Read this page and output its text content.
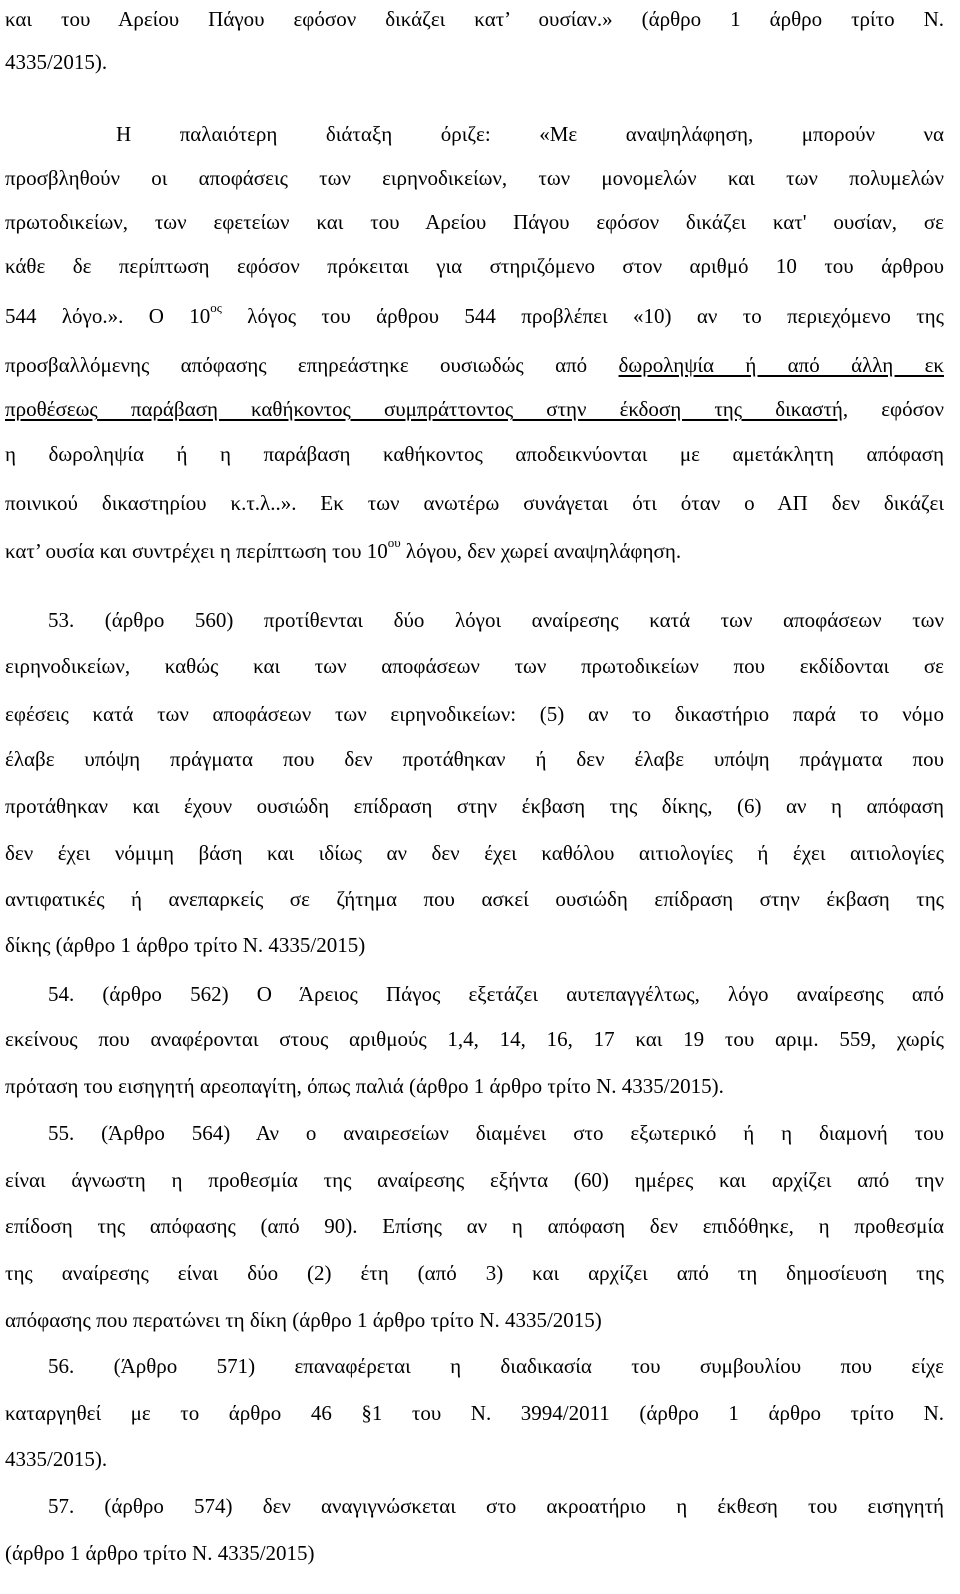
και του Αρείου Πάγου εφόσον δικάζει κατ’ ουσίαν.» (άρθρο 1 άρθρο τρίτο Ν.
4335/2015).
Η παλαιότερη διάταξη όριζε: «Με αναψηλάφηση, μπορούν να
προσβληθούν οι αποφάσεις των ειρηνοδικείων, των μονομελών και των πολυμελών
πρωτοδικείων, των εφετείων και του Αρείου Πάγου εφόσον δικάζει κατ' ουσίαν, σε
κάθε δε περίπτωση εφόσον πρόκειται για στηριζόμενο στον αριθμό 10 του άρθρου
544 λόγο.». Ο $10^{o\varsigma}$ λόγος του άρθρου 544 προβλέπει «10) αν το περιεχόμενο της
προσβαλλόμενης απόφασης επηρεάστηκε ουσιωδώς από δωροληψία ή από άλλη εκ
προθέσεως παράβαση καθήκοντος συμπράττοντος στην έκδοση της δικαστή, εφόσον
η δωροληψία ή η παράβαση καθήκοντος αποδεικνύονται με αμετάκλητη απόφαση
ποινικού δικαστηρίου κ.τ.λ..». Εκ των ανωτέρω συνάγεται ότι όταν ο ΑΠ δεν δικάζει
κατ’ ουσία και συντρέχει η περίπτωση του $10^{o\upsilon}$ λόγου, δεν χωρεί αναψηλάφηση.
53. (άρθρο 560) προτίθενται δύο λόγοι αναίρεσης κατά των αποφάσεων των
ειρηνοδικείων, καθώς και των αποφάσεων των πρωτοδικείων που εκδίδονται σε
εφέσεις κατά των αποφάσεων των ειρηνοδικείων: (5) αν το δικαστήριο παρά το νόμο
έλαβε υπόψη πράγματα που δεν προτάθηκαν ή δεν έλαβε υπόψη πράγματα που
προτάθηκαν και έχουν ουσιώδη επίδραση στην έκβαση της δίκης, (6) αν η απόφαση
δεν έχει νόμιμη βάση και ιδίως αν δεν έχει καθόλου αιτιολογίες ή έχει αιτιολογίες
αντιφατικές ή ανεπαρκείς σε ζήτημα που ασκεί ουσιώδη επίδραση στην έκβαση της
δίκης (άρθρο 1 άρθρο τρίτο Ν. 4335/2015)
54. (άρθρο 562) Ο Άρειος Πάγος εξετάζει αυτεπαγγέλτως, λόγο αναίρεσης από
εκείνους που αναφέρονται στους αριθμούς 1,4, 14, 16, 17 και 19 του αριμ. 559, χωρίς
πρόταση του εισηγητή αρεοπαγίτη, όπως παλιά (άρθρο 1 άρθρο τρίτο Ν. 4335/2015).
55. (Άρθρο 564) Αν ο αναιρεσείων διαμένει στο εξωτερικό ή η διαμονή του
είναι άγνωστη η προθεσμία της αναίρεσης εξήντα (60) ημέρες και αρχίζει από την
επίδοση της απόφασης (από 90). Επίσης αν η απόφαση δεν επιδόθηκε, η προθεσμία
της αναίρεσης είναι δύο (2) έτη (από 3) και αρχίζει από τη δημοσίευση της
απόφασης που περατώνει τη δίκη (άρθρο 1 άρθρο τρίτο Ν. 4335/2015)
56. (Άρθρο 571) επαναφέρεται η διαδικασία του συμβουλίου που είχε
καταργηθεί με το άρθρο 46 §1 του Ν. 3994/2011 (άρθρο 1 άρθρο τρίτο Ν.
4335/2015).
57. (άρθρο 574) δεν αναγιγνώσκεται στο ακροατήριο η έκθεση του εισηγητή
(άρθρο 1 άρθρο τρίτο Ν. 4335/2015)
